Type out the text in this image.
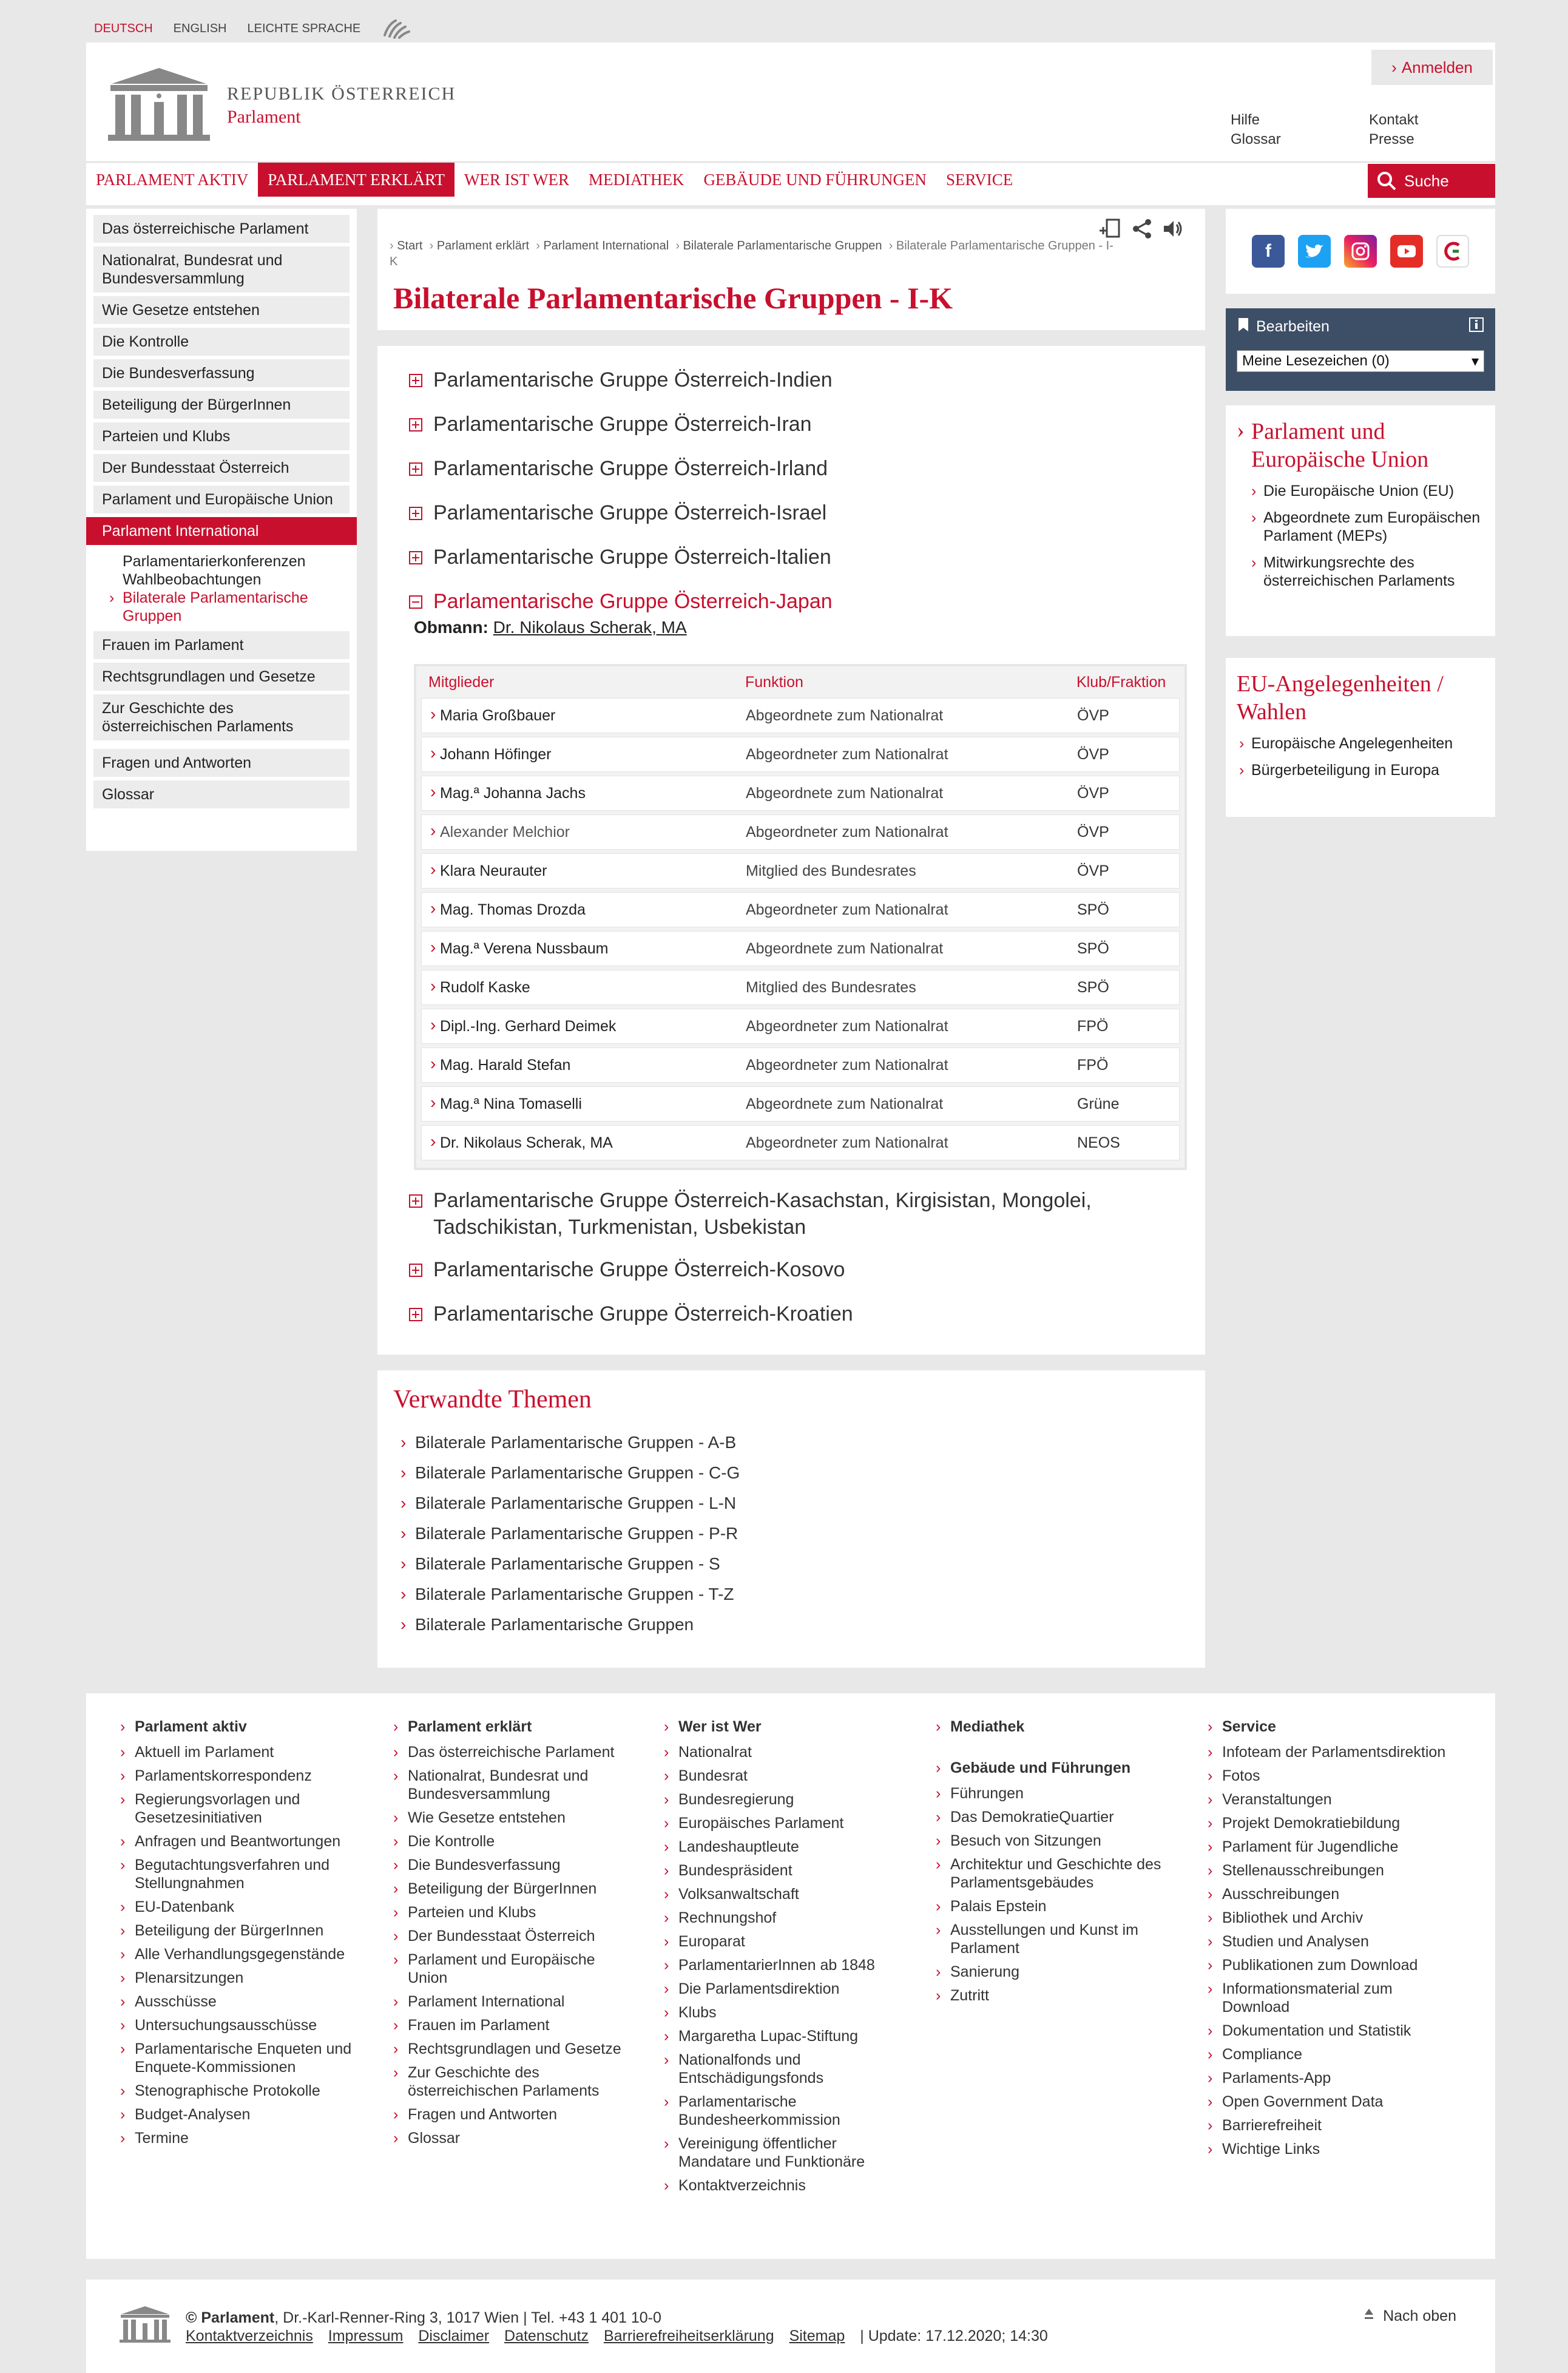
DEUTSCH ENGLISH LEICHTE SPRACHE
REPUBLIK ÖSTERREICH
Parlament
› Anmelden
Hilfe
Glossar
Kontakt
Presse
PARLAMENT AKTIV	PARLAMENT ERKLÄRT	WER IST WER	MEDIATHEK	GEBÄUDE UND FÜHRUNGEN	SERVICE	Suche
Das österreichische Parlament
Nationalrat, Bundesrat und Bundesversammlung
Wie Gesetze entstehen
Die Kontrolle
Die Bundesverfassung
Beteiligung der BürgerInnen
Parteien und Klubs
Der Bundesstaat Österreich
Parlament und Europäische Union
Parlament International
Parlamentarierkonferenzen
Wahlbeobachtungen
› Bilaterale Parlamentarische Gruppen
Frauen im Parlament
Rechtsgrundlagen und Gesetze
Zur Geschichte des österreichischen Parlaments
Fragen und Antworten
Glossar
› Start › Parlament erklärt › Parlament International › Bilaterale Parlamentarische Gruppen › Bilaterale Parlamentarische Gruppen - I-K
Bilaterale Parlamentarische Gruppen - I-K
Parlamentarische Gruppe Österreich-Indien
Parlamentarische Gruppe Österreich-Iran
Parlamentarische Gruppe Österreich-Irland
Parlamentarische Gruppe Österreich-Israel
Parlamentarische Gruppe Österreich-Italien
Parlamentarische Gruppe Österreich-Japan
Obmann: Dr. Nikolaus Scherak, MA
Mitglieder	Funktion	Klub/Fraktion
› Maria Großbauer	Abgeordnete zum Nationalrat	ÖVP
› Johann Höfinger	Abgeordneter zum Nationalrat	ÖVP
› Mag.ª Johanna Jachs	Abgeordnete zum Nationalrat	ÖVP
› Alexander Melchior	Abgeordneter zum Nationalrat	ÖVP
› Klara Neurauter	Mitglied des Bundesrates	ÖVP
› Mag. Thomas Drozda	Abgeordneter zum Nationalrat	SPÖ
› Mag.ª Verena Nussbaum	Abgeordnete zum Nationalrat	SPÖ
› Rudolf Kaske	Mitglied des Bundesrates	SPÖ
› Dipl.-Ing. Gerhard Deimek	Abgeordneter zum Nationalrat	FPÖ
› Mag. Harald Stefan	Abgeordneter zum Nationalrat	FPÖ
› Mag.ª Nina Tomaselli	Abgeordnete zum Nationalrat	Grüne
› Dr. Nikolaus Scherak, MA	Abgeordneter zum Nationalrat	NEOS
Parlamentarische Gruppe Österreich-Kasachstan, Kirgisistan, Mongolei, Tadschikistan, Turkmenistan, Usbekistan
Parlamentarische Gruppe Österreich-Kosovo
Parlamentarische Gruppe Österreich-Kroatien
Verwandte Themen
› Bilaterale Parlamentarische Gruppen - A-B
› Bilaterale Parlamentarische Gruppen - C-G
› Bilaterale Parlamentarische Gruppen - L-N
› Bilaterale Parlamentarische Gruppen - P-R
› Bilaterale Parlamentarische Gruppen - S
› Bilaterale Parlamentarische Gruppen - T-Z
› Bilaterale Parlamentarische Gruppen
f
Bearbeiten
Meine Lesezeichen (0)	▾
› Parlament und Europäische Union
› Die Europäische Union (EU)
› Abgeordnete zum Europäischen Parlament (MEPs)
› Mitwirkungsrechte des österreichischen Parlaments
EU-Angelegenheiten / Wahlen
› Europäische Angelegenheiten
› Bürgerbeteiligung in Europa
› Parlament aktiv
› Aktuell im Parlament
› Parlamentskorrespondenz
› Regierungsvorlagen und Gesetzesinitiativen
› Anfragen und Beantwortungen
› Begutachtungsverfahren und Stellungnahmen
› EU-Datenbank
› Beteiligung der BürgerInnen
› Alle Verhandlungsgegenstände
› Plenarsitzungen
› Ausschüsse
› Untersuchungsausschüsse
› Parlamentarische Enqueten und Enquete-Kommissionen
› Stenographische Protokolle
› Budget-Analysen
› Termine
› Parlament erklärt
› Das österreichische Parlament
› Nationalrat, Bundesrat und Bundesversammlung
› Wie Gesetze entstehen
› Die Kontrolle
› Die Bundesverfassung
› Beteiligung der BürgerInnen
› Parteien und Klubs
› Der Bundesstaat Österreich
› Parlament und Europäische Union
› Parlament International
› Frauen im Parlament
› Rechtsgrundlagen und Gesetze
› Zur Geschichte des österreichischen Parlaments
› Fragen und Antworten
› Glossar
› Wer ist Wer
› Nationalrat
› Bundesrat
› Bundesregierung
› Europäisches Parlament
› Landeshauptleute
› Bundespräsident
› Volksanwaltschaft
› Rechnungshof
› Europarat
› ParlamentarierInnen ab 1848
› Die Parlamentsdirektion
› Klubs
› Margaretha Lupac-Stiftung
› Nationalfonds und Entschädigungsfonds
› Parlamentarische Bundesheerkommission
› Vereinigung öffentlicher Mandatare und Funktionäre
› Kontaktverzeichnis
› Mediathek
› Gebäude und Führungen
› Führungen
› Das DemokratieQuartier
› Besuch von Sitzungen
› Architektur und Geschichte des Parlamentsgebäudes
› Palais Epstein
› Ausstellungen und Kunst im Parlament
› Sanierung
› Zutritt
› Service
› Infoteam der Parlamentsdirektion
› Fotos
› Veranstaltungen
› Projekt Demokratiebildung
› Parlament für Jugendliche
› Stellenausschreibungen
› Ausschreibungen
› Bibliothek und Archiv
› Studien und Analysen
› Publikationen zum Download
› Informationsmaterial zum Download
› Dokumentation und Statistik
› Compliance
› Parlaments-App
› Open Government Data
› Barrierefreiheit
› Wichtige Links
© Parlament, Dr.-Karl-Renner-Ring 3, 1017 Wien | Tel. +43 1 401 10-0
Kontaktverzeichnis Impressum Disclaimer Datenschutz Barrierefreiheitserklärung Sitemap | Update: 17.12.2020; 14:30
Nach oben
